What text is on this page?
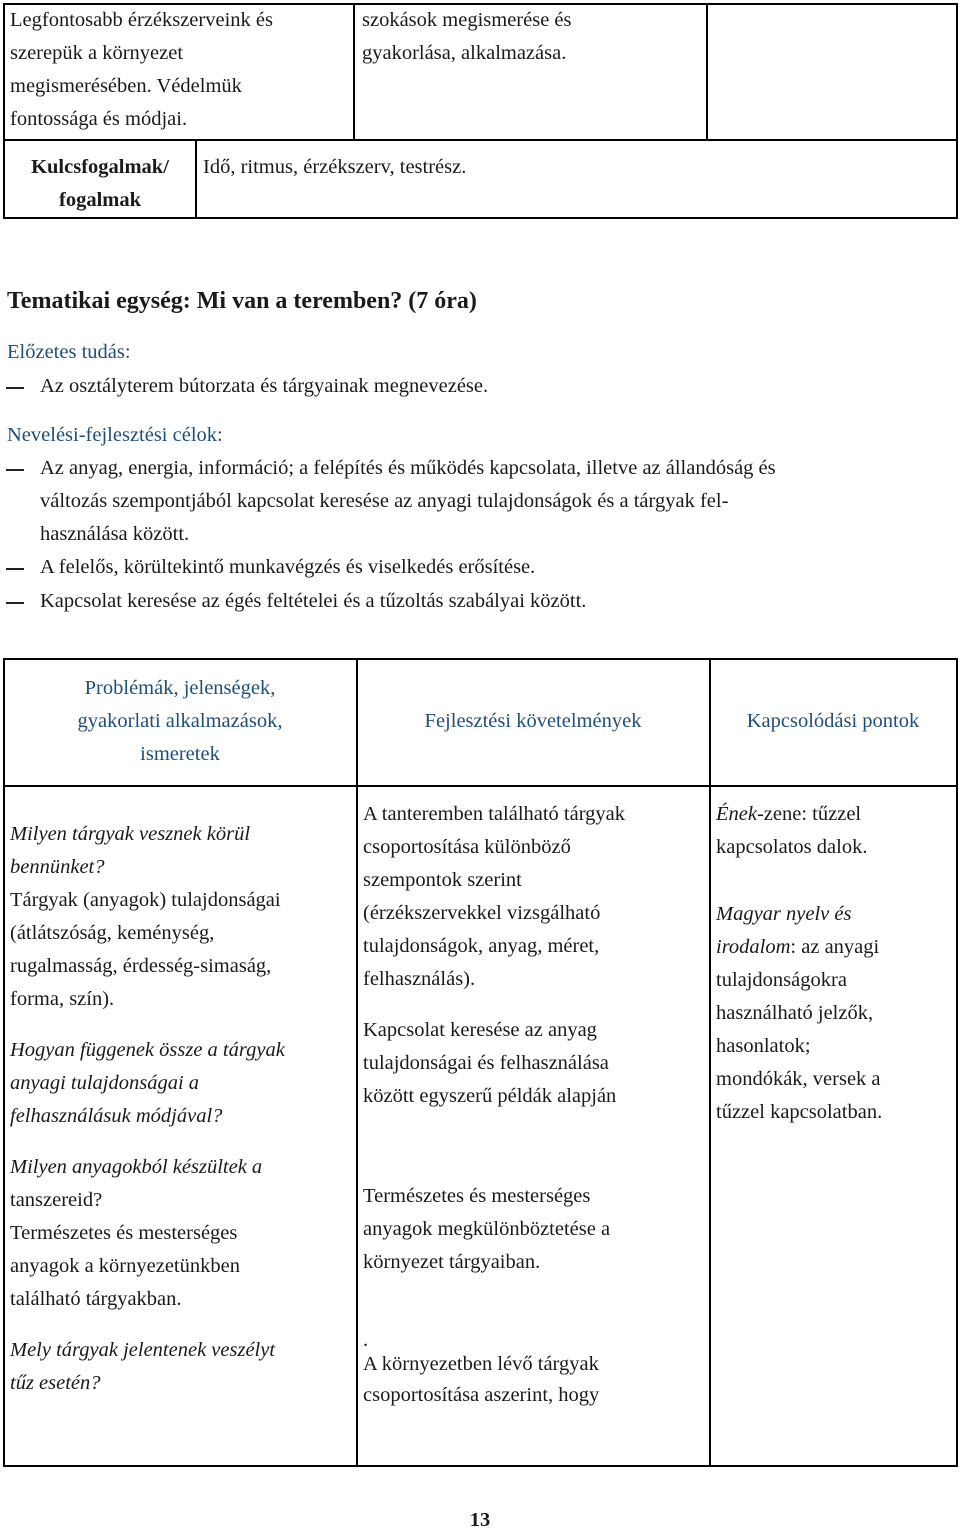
Legfontosabb érzékszerveink és
szerepük a környezet
megismerésében. Védelmük
fontossága és módjai.
szokások megismerése és
gyakorlása, alkalmazása.
Kulcsfogalmak/
fogalmak
Idő, ritmus, érzékszerv, testrész.
Tematikai egység: Mi van a teremben? (7 óra)
Előzetes tudás:
Az osztályterem bútorzata és tárgyainak megnevezése.
Nevelési-fejlesztési célok:
Az anyag, energia, információ; a felépítés és működés kapcsolata, illetve az állandóság és
változás szempontjából kapcsolat keresése az anyagi tulajdonságok és a tárgyak fel-
használása között.
A felelős, körültekintő munkavégzés és viselkedés erősítése.
Kapcsolat keresése az égés feltételei és a tűzoltás szabályai között.
Problémák, jelenségek,
gyakorlati alkalmazások,
ismeretek
Fejlesztési követelmények	Kapcsolódási pontok
Milyen tárgyak vesznek körül
bennünket?
Tárgyak (anyagok) tulajdonságai
(átlátszóság, keménység,
rugalmasság, érdesség-simaság,
forma, szín).
Hogyan függenek össze a tárgyak
anyagi tulajdonságai a
felhasználásuk módjával?
Milyen anyagokból készültek a
tanszereid?
Természetes és mesterséges
anyagok a környezetünkben
található tárgyakban.
Mely tárgyak jelentenek veszélyt
tűz esetén?
A tanteremben található tárgyak
csoportosítása különböző
szempontok szerint
(érzékszervekkel vizsgálható
tulajdonságok, anyag, méret,
felhasználás).
Kapcsolat keresése az anyag
tulajdonságai és felhasználása
között egyszerű példák alapján
Természetes és mesterséges
anyagok megkülönböztetése a
környezet tárgyaiban.
.
A környezetben lévő tárgyak
csoportosítása aszerint, hogy
Ének-zene: tűzzel
kapcsolatos dalok.
Magyar nyelv és
irodalom: az anyagi
tulajdonságokra
használható jelzők,
hasonlatok;
mondókák, versek a
tűzzel kapcsolatban.
13
